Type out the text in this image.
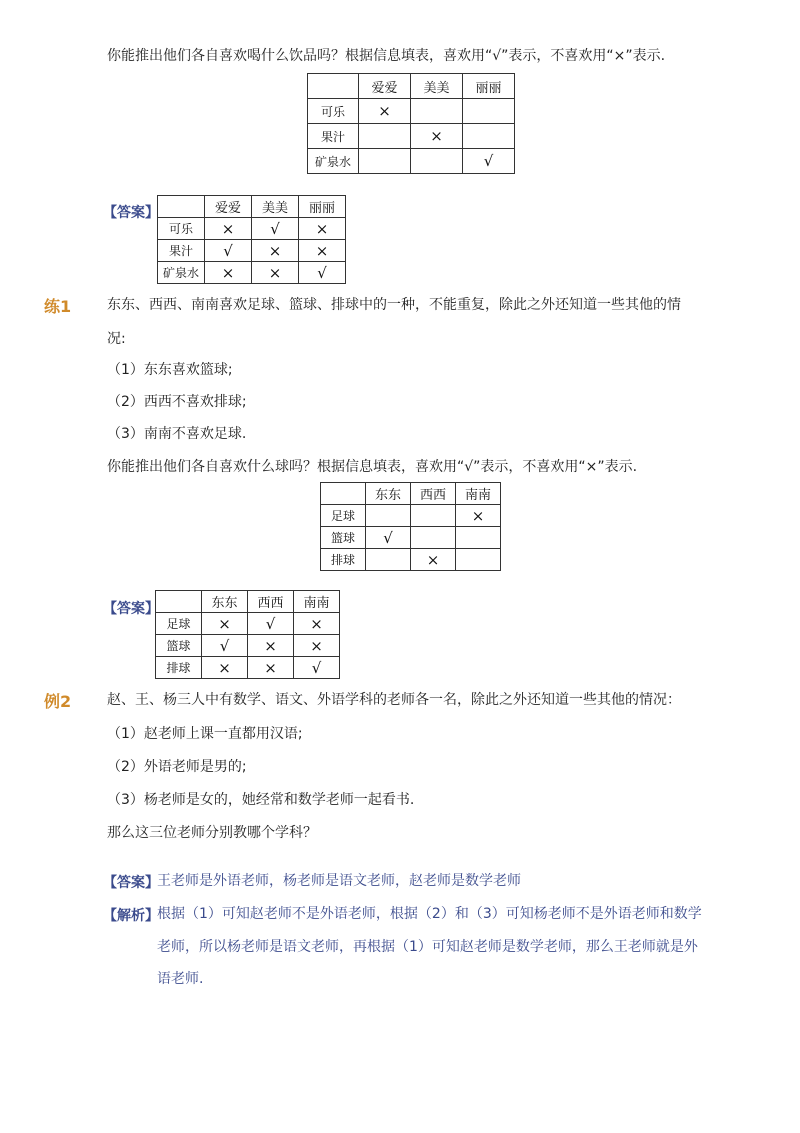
你能推出他们各自喜欢喝什么饮品吗？根据信息填表，喜欢用“√”表示，不喜欢用“×”表示.
	爱爱	美美	丽丽
可乐	×		
果汁		×	
矿泉水			√
【答案】
		爱爱	美美	丽丽
可乐	×	√	×
果汁	√	×	×
矿泉水	×	×	√
练1	东东、西西、南南喜欢足球、篮球、排球中的一种，不能重复，除此之外还知道一些其他的情
况:
（1）东东喜欢篮球;
（2）西西不喜欢排球;
（3）南南不喜欢足球.
你能推出他们各自喜欢什么球吗？根据信息填表，喜欢用“√”表示，不喜欢用“×”表示.
	东东	西西	南南
足球			×
篮球	√		
排球		×	
【答案】
		东东	西西	南南
足球	×	√	×
篮球	√	×	×
排球	×	×	√
例2	赵、王、杨三人中有数学、语文、外语学科的老师各一名，除此之外还知道一些其他的情况：
（1）赵老师上课一直都用汉语;
（2）外语老师是男的;
（3）杨老师是女的，她经常和数学老师一起看书.
那么这三位老师分别教哪个学科？
【答案】
王老师是外语老师，杨老师是语文老师，赵老师是数学老师
【解析】
根据（1）可知赵老师不是外语老师，根据（2）和（3）可知杨老师不是外语老师和数学
老师，所以杨老师是语文老师，再根据（1）可知赵老师是数学老师，那么王老师就是外
语老师.
